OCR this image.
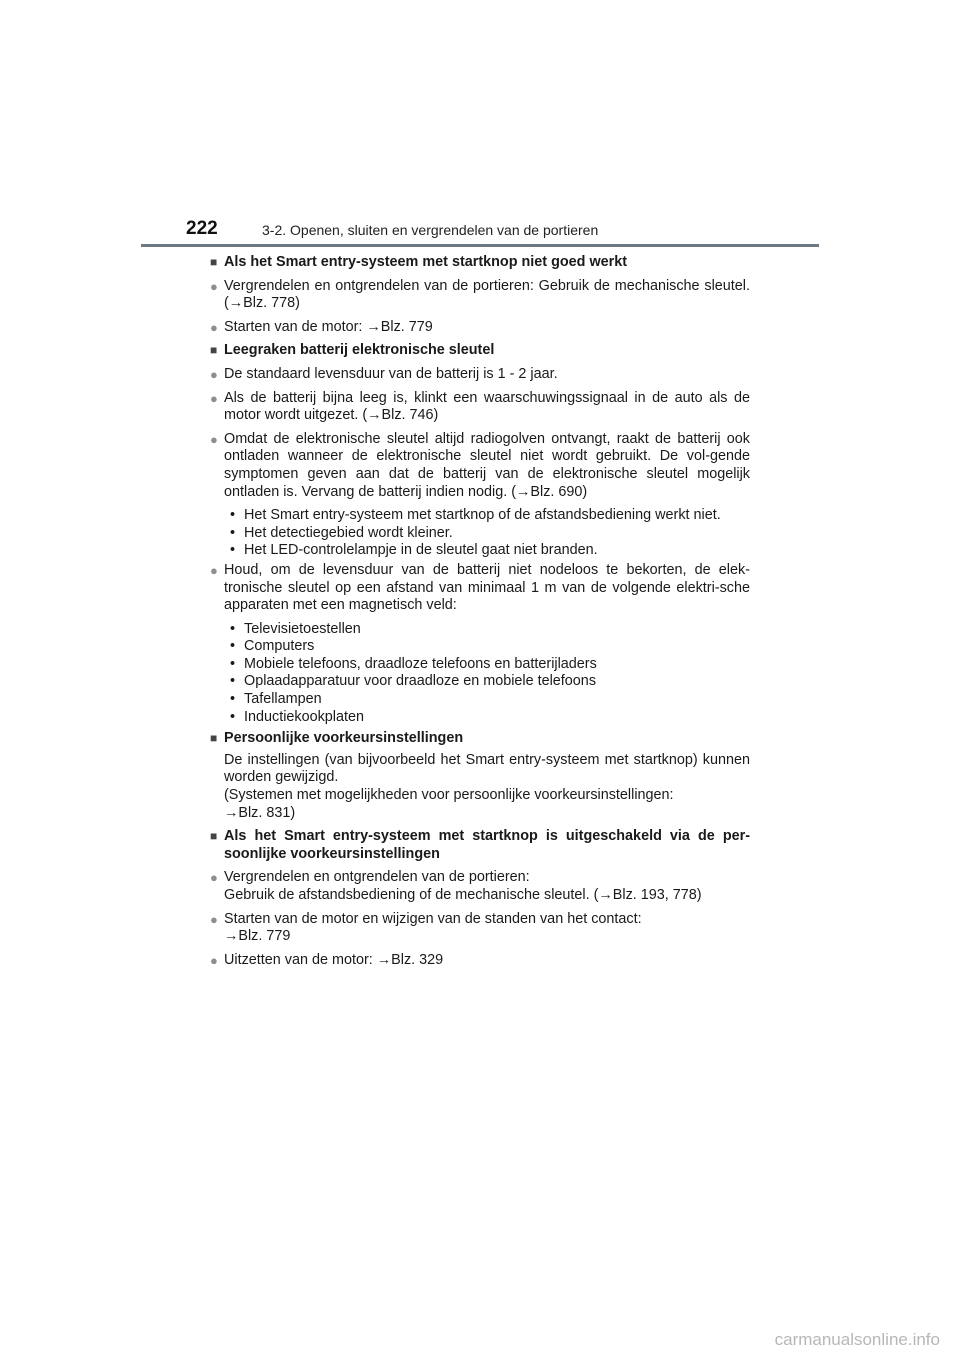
222	3-2. Openen, sluiten en vergrendelen van de portieren
■ Als het Smart entry-systeem met startknop niet goed werkt
● Vergrendelen en ontgrendelen van de portieren: Gebruik de mechanische sleutel. (→Blz. 778)
● Starten van de motor: →Blz. 779
■ Leegraken batterij elektronische sleutel
● De standaard levensduur van de batterij is 1 - 2 jaar.
● Als de batterij bijna leeg is, klinkt een waarschuwingssignaal in de auto als de motor wordt uitgezet. (→Blz. 746)
● Omdat de elektronische sleutel altijd radiogolven ontvangt, raakt de batterij ook ontladen wanneer de elektronische sleutel niet wordt gebruikt. De vol-gende symptomen geven aan dat de batterij van de elektronische sleutel mogelijk ontladen is. Vervang de batterij indien nodig. (→Blz. 690)
• Het Smart entry-systeem met startknop of de afstandsbediening werkt niet.
• Het detectiegebied wordt kleiner.
• Het LED-controlelampje in de sleutel gaat niet branden.
● Houd, om de levensduur van de batterij niet nodeloos te bekorten, de elek-tronische sleutel op een afstand van minimaal 1 m van de volgende elektri-sche apparaten met een magnetisch veld:
• Televisietoestellen
• Computers
• Mobiele telefoons, draadloze telefoons en batterijladers
• Oplaadapparatuur voor draadloze en mobiele telefoons
• Tafellampen
• Inductiekookplaten
■ Persoonlijke voorkeursinstellingen
De instellingen (van bijvoorbeeld het Smart entry-systeem met startknop) kunnen worden gewijzigd.
(Systemen met mogelijkheden voor persoonlijke voorkeursinstellingen:
→Blz. 831)
■ Als het Smart entry-systeem met startknop is uitgeschakeld via de per-soonlijke voorkeursinstellingen
● Vergrendelen en ontgrendelen van de portieren:
Gebruik de afstandsbediening of de mechanische sleutel. (→Blz. 193, 778)
● Starten van de motor en wijzigen van de standen van het contact:
→Blz. 779
● Uitzetten van de motor: →Blz. 329
carmanualsonline.info
